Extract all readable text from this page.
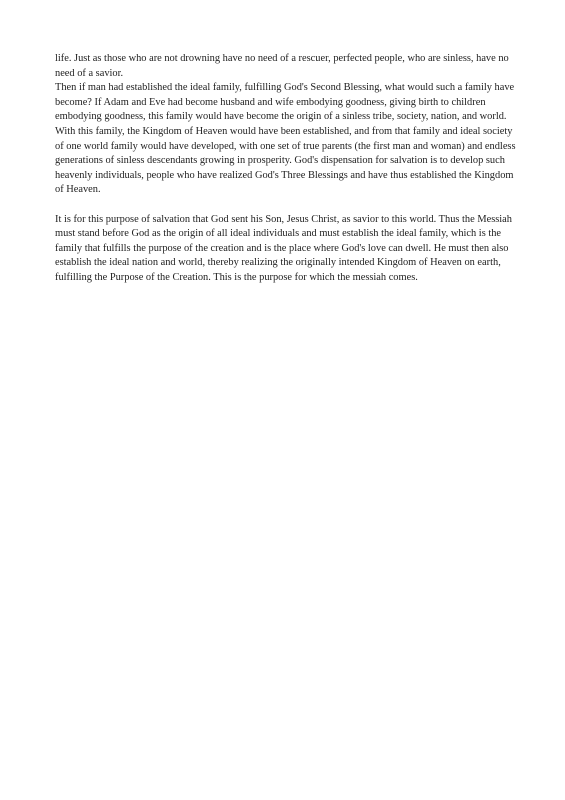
life. Just as those who are not drowning have no need of a rescuer, perfected people, who are sinless, have no need of a savior.

Then if man had established the ideal family, fulfilling God's Second Blessing, what would such a family have become? If Adam and Eve had become husband and wife embodying goodness, giving birth to children embodying goodness, this family would have become the origin of a sinless tribe, society, nation, and world. With this family, the Kingdom of Heaven would have been established, and from that family and ideal society of one world family would have developed, with one set of true parents (the first man and woman) and endless generations of sinless descendants growing in prosperity. God's dispensation for salvation is to develop such heavenly individuals, people who have realized God's Three Blessings and have thus established the Kingdom of Heaven.

It is for this purpose of salvation that God sent his Son, Jesus Christ, as savior to this world. Thus the Messiah must stand before God as the origin of all ideal individuals and must establish the ideal family, which is the family that fulfills the purpose of the creation and is the place where God's love can dwell. He must then also establish the ideal nation and world, thereby realizing the originally intended Kingdom of Heaven on earth, fulfilling the Purpose of the Creation. This is the purpose for which the messiah comes.
